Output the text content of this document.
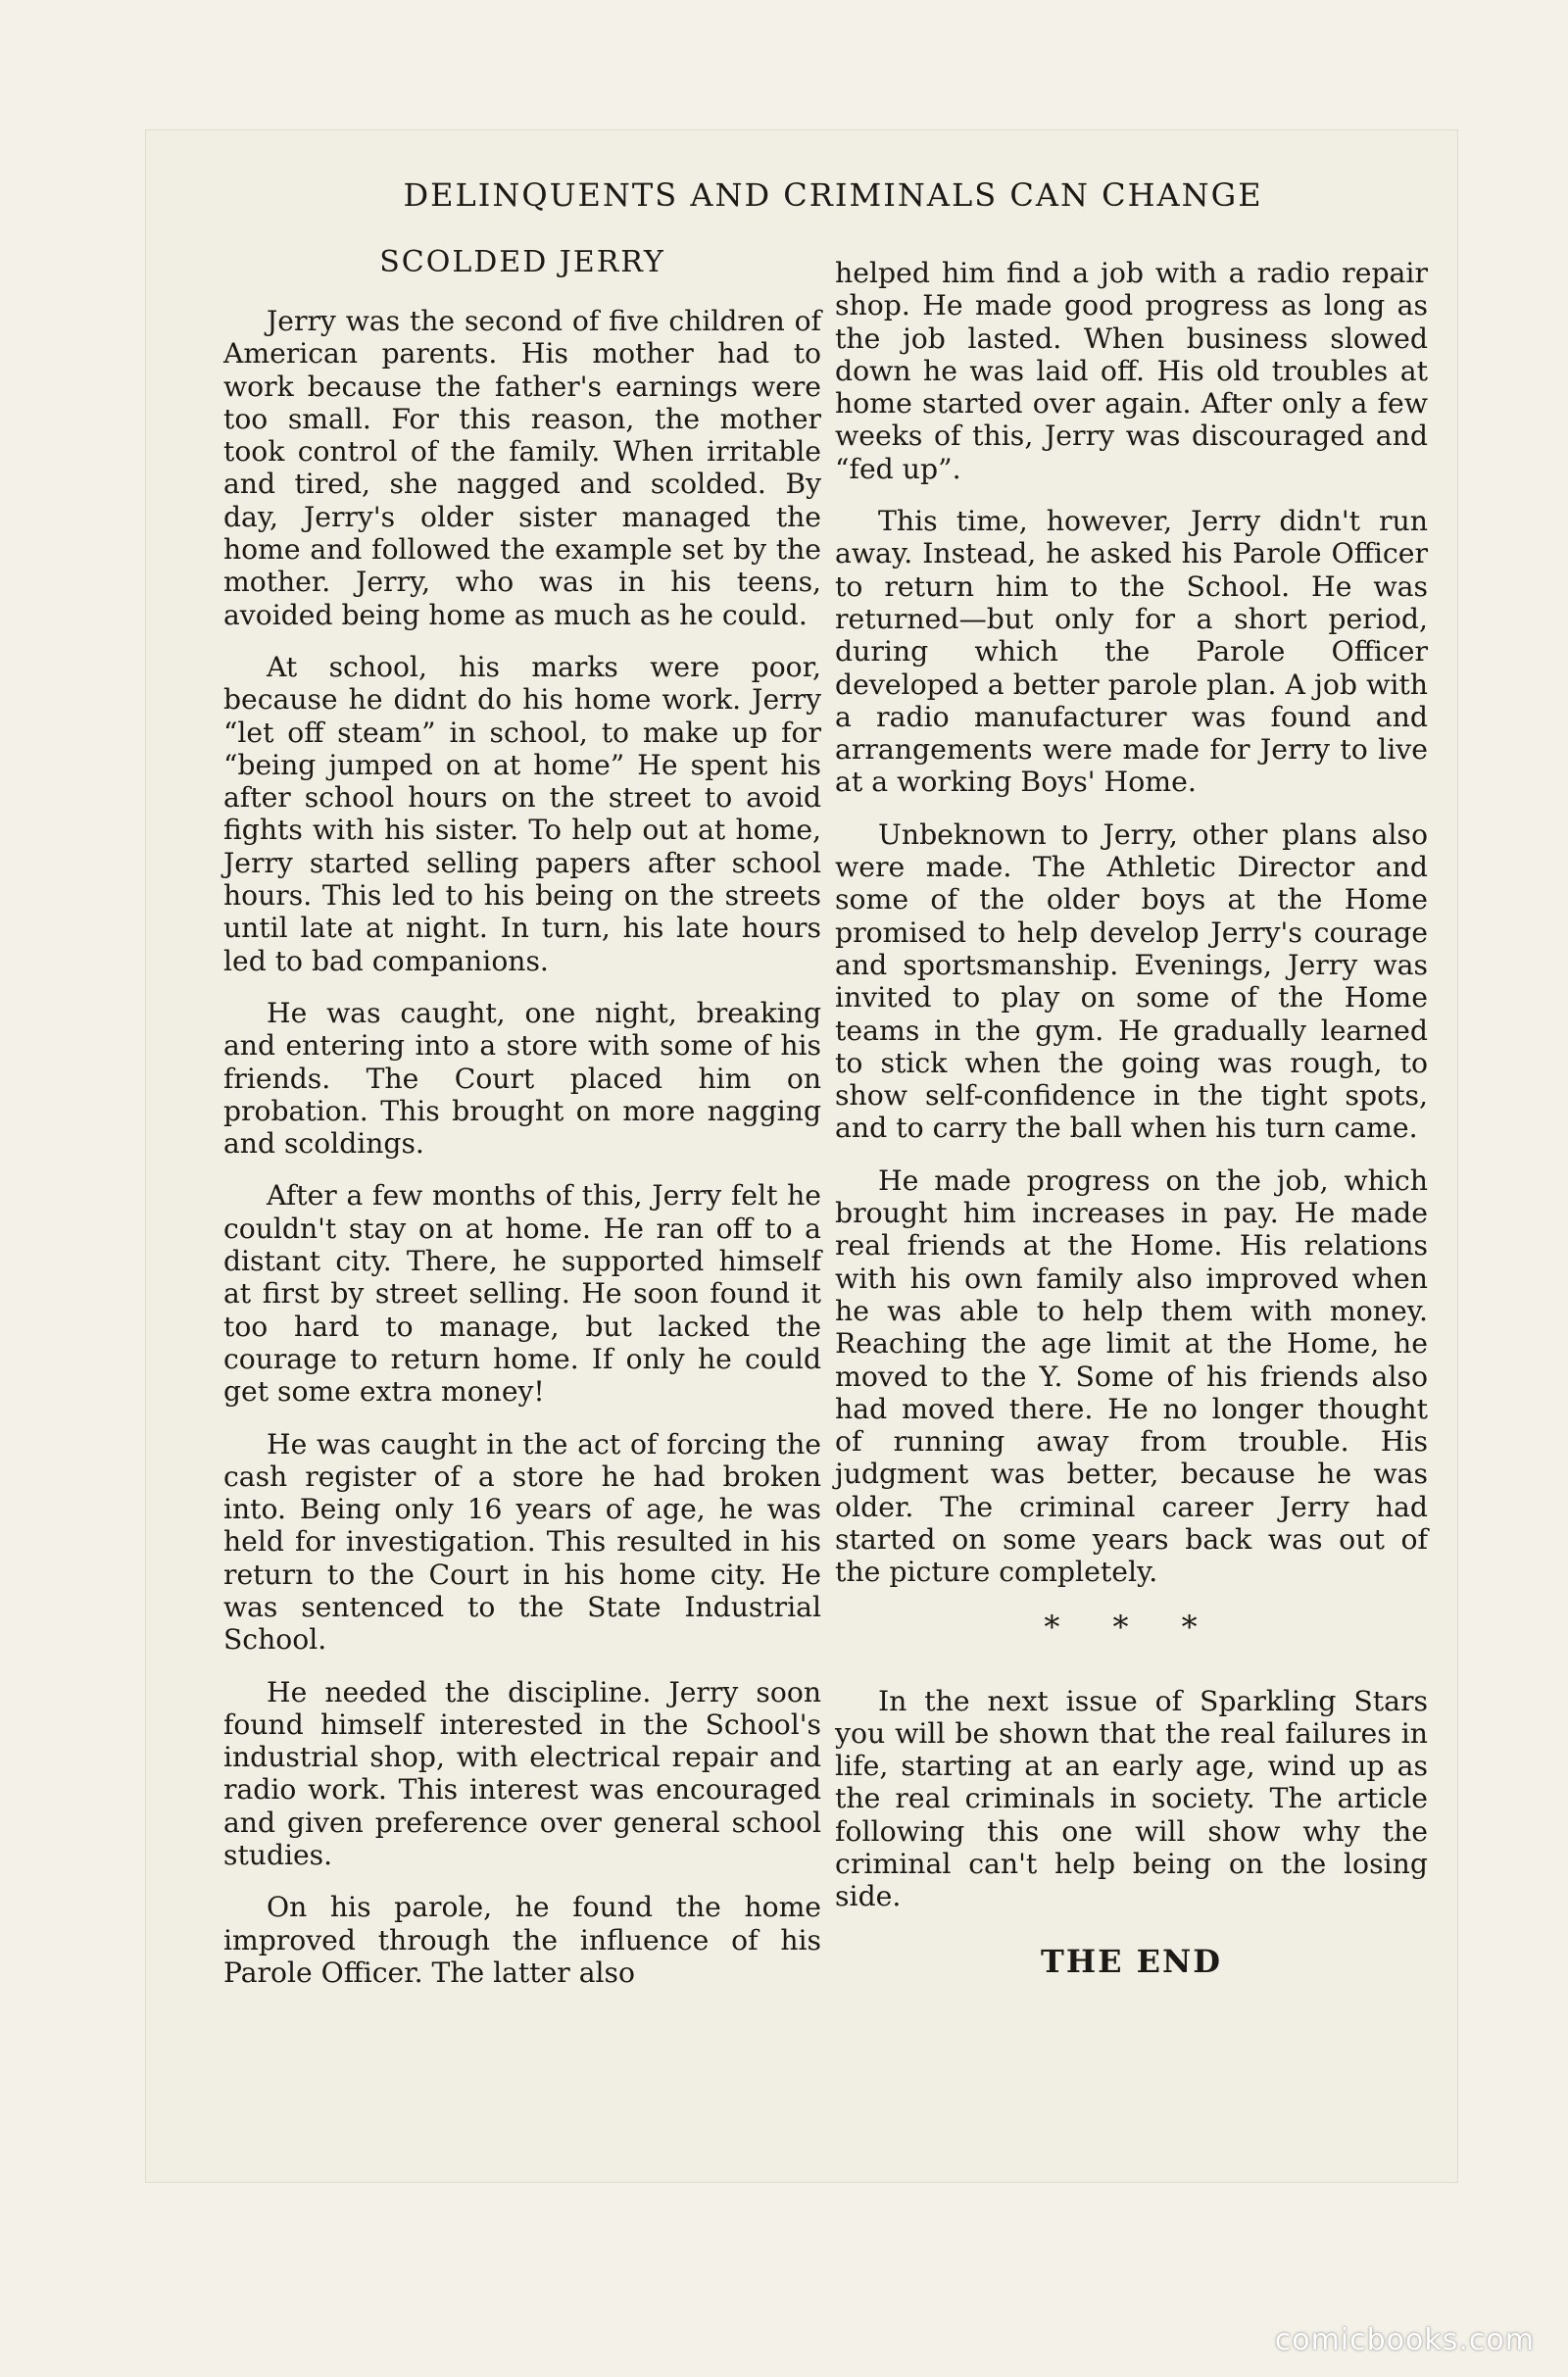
DELINQUENTS AND CRIMINALS CAN CHANGE
SCOLDED JERRY

Jerry was the second of five children of American parents. His mother had to work because the father's earnings were too small. For this reason, the mother took control of the family. When irritable and tired, she nagged and scolded. By day, Jerry's older sister managed the home and followed the example set by the mother. Jerry, who was in his teens, avoided being home as much as he could.

At school, his marks were poor, because he didnt do his home work. Jerry “let off steam” in school, to make up for “being jumped on at home” He spent his after school hours on the street to avoid fights with his sister. To help out at home, Jerry started selling papers after school hours. This led to his being on the streets until late at night. In turn, his late hours led to bad companions.

He was caught, one night, breaking and entering into a store with some of his friends. The Court placed him on probation. This brought on more nagging and scoldings.

After a few months of this, Jerry felt he couldn't stay on at home. He ran off to a distant city. There, he supported himself at first by street selling. He soon found it too hard to manage, but lacked the courage to return home. If only he could get some extra money!

He was caught in the act of forcing the cash register of a store he had broken into. Being only 16 years of age, he was held for investigation. This resulted in his return to the Court in his home city. He was sentenced to the State Industrial School.

He needed the discipline. Jerry soon found himself interested in the School's industrial shop, with electrical repair and radio work. This interest was encouraged and given preference over general school studies.

On his parole, he found the home improved through the influence of his Parole Officer. The latter also

helped him find a job with a radio repair shop. He made good progress as long as the job lasted. When business slowed down he was laid off. His old troubles at home started over again. After only a few weeks of this, Jerry was discouraged and “fed up”.

This time, however, Jerry didn't run away. Instead, he asked his Parole Officer to return him to the School. He was returned—but only for a short period, during which the Parole Officer developed a better parole plan. A job with a radio manufacturer was found and arrangements were made for Jerry to live at a working Boys' Home.

Unbeknown to Jerry, other plans also were made. The Athletic Director and some of the older boys at the Home promised to help develop Jerry's courage and sportsmanship. Evenings, Jerry was invited to play on some of the Home teams in the gym. He gradually learned to stick when the going was rough, to show self-confidence in the tight spots, and to carry the ball when his turn came.

He made progress on the job, which brought him increases in pay. He made real friends at the Home. His relations with his own family also improved when he was able to help them with money. Reaching the age limit at the Home, he moved to the Y. Some of his friends also had moved there. He no longer thought of running away from trouble. His judgment was better, because he was older. The criminal career Jerry had started on some years back was out of the picture completely.

* * *

In the next issue of Sparkling Stars you will be shown that the real failures in life, starting at an early age, wind up as the real criminals in society. The article following this one will show why the criminal can't help being on the losing side.

THE END
comicbooks.com
